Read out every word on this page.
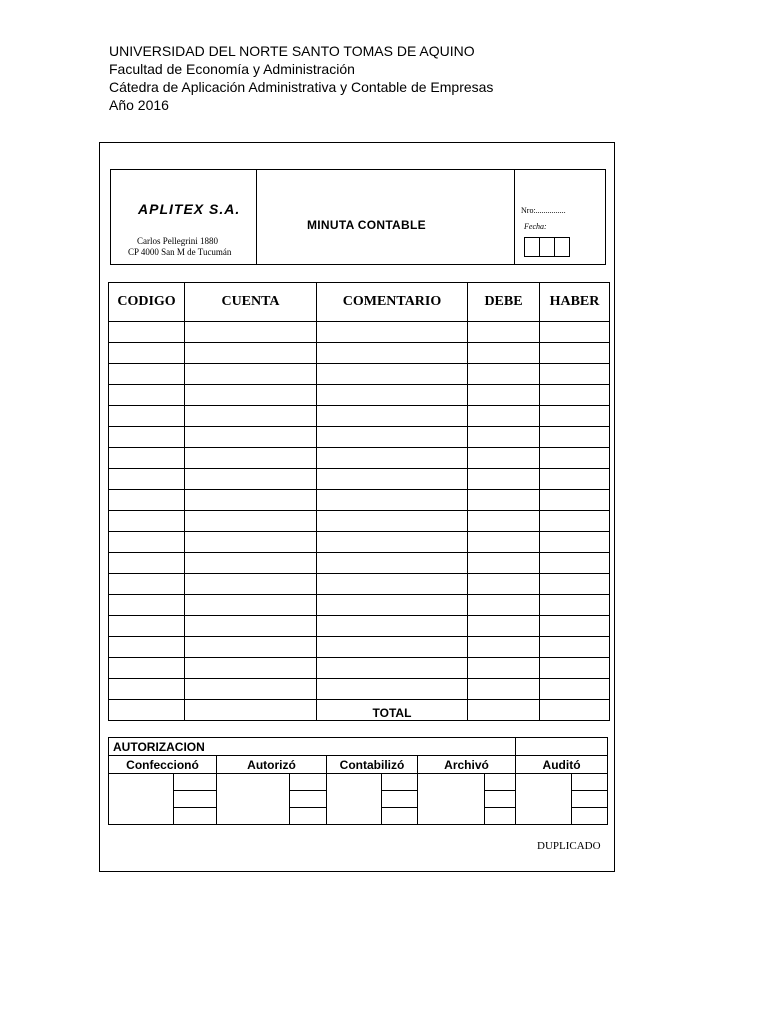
UNIVERSIDAD DEL NORTE SANTO TOMAS DE AQUINO
Facultad de Economía y Administración
Cátedra de Aplicación Administrativa y Contable de Empresas
Año 2016
APLITEX S.A.
Carlos Pellegrini 1880
CP 4000 San M de Tucumán
MINUTA CONTABLE
Nro:...............
Fecha:
CODIGO	CUENTA	COMENTARIO	DEBE	HABER

		TOTAL		
AUTORIZACION									
Confeccionó		Autorizó		Contabilizó		Archivó		Auditó	

DUPLICADO
